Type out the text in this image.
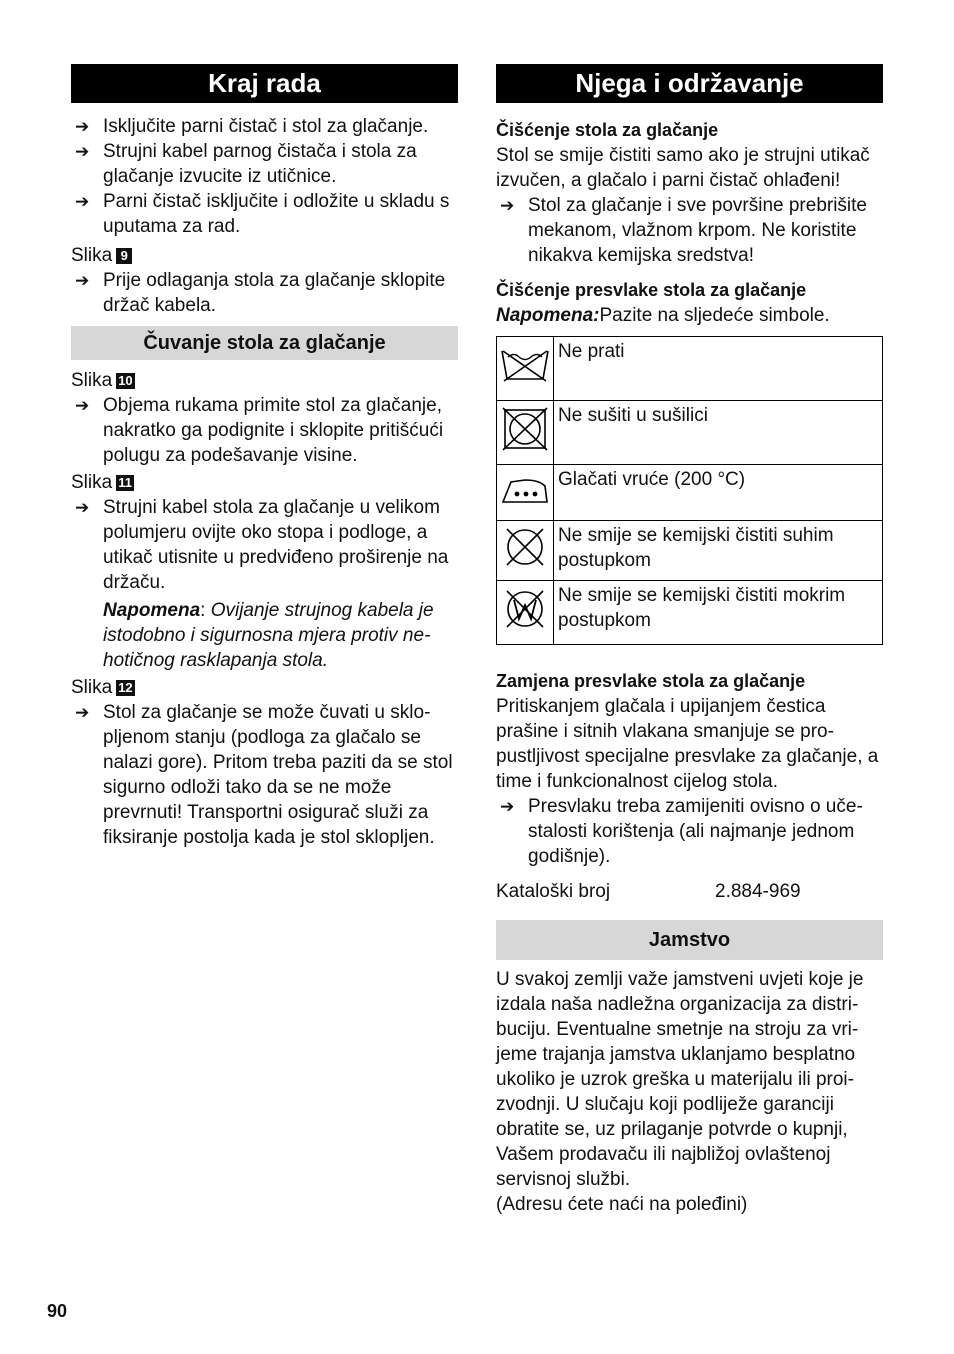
Kraj rada
➔ Isključite parni čistač i stol za glačanje.
➔ Strujni kabel parnog čistača i stola za glačanje izvucite iz utičnice.
➔ Parni čistač isključite i odložite u skladu s uputama za rad.

Slika 9

➔ Prije odlaganja stola za glačanje sklopite držač kabela.
Čuvanje stola za glačanje

Slika 10

➔ Objema rukama primite stol za glačanje, nakratko ga podignite i sklopite pritišćući polugu za podešavanje visine.

Slika 11

➔ Strujni kabel stola za glačanje u velikom polumjeru ovijte oko stopa i podloge, a utikač utisnite u predviđeno proširenje na držaču.

Napomena: Ovijanje strujnog kabela je istodobno i sigurnosna mjera protiv nehotičnog rasklapanja stola.

Slika 12

➔ Stol za glačanje se može čuvati u sklopljenom stanju (podloga za glačalo se nalazi gore). Pritom treba paziti da se stol sigurno odloži tako da se ne može prevrnuti! Transportni osigurač služi za fiksiranje postolja kada je stol sklopljen.
Njega i održavanje
Čišćenje stola za glačanje

Stol se smije čistiti samo ako je strujni utikač izvučen, a glačalo i parni čistač ohlađeni!

➔ Stol za glačanje i sve površine prebrišite mekanom, vlažnom krpom. Ne koristite nikakva kemijska sredstva!
Čišćenje presvlake stola za glačanje

Napomena:Pazite na sljedeće simbole.

	Ne prati
	Ne sušiti u sušilici
	Glačati vruće (200 °C)
	Ne smije se kemijski čistiti suhim postupkom
	Ne smije se kemijski čistiti mokrim postupkom
Zamjena presvlake stola za glačanje

Pritiskanjem glačala i upijanjem čestica prašine i sitnih vlakana smanjuje se propustljivost specijalne presvlake za glačanje, a time i funkcionalnost cijelog stola.

➔ Presvlaku treba zamijeniti ovisno o učestalosti korištenja (ali najmanje jednom godišnje).
Kataloški broj	2.884-969
Jamstvo

U svakoj zemlji važe jamstveni uvjeti koje je izdala naša nadležna organizacija za distribuciju. Eventualne smetnje na stroju za vrijeme trajanja jamstva uklanjamo besplatno ukoliko je uzrok greška u materijalu ili proizvodnji. U slučaju koji podliježe garanciji obratite se, uz prilaganje potvrde o kupnji, Vašem prodavaču ili najbližoj ovlaštenoj servisnoj službi.

(Adresu ćete naći na poleđini)

90
